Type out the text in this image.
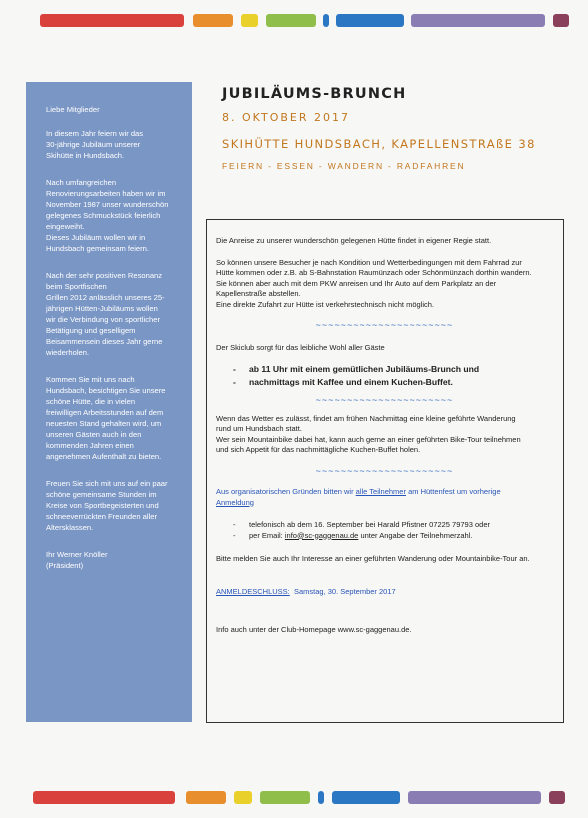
Liebe Mitglieder

In diesem Jahr feiern wir das
30-jährige Jubiläum unserer
Skihütte in Hundsbach.

Nach umfangreichen
Renovierungsarbeiten haben wir im
November 1987 unser wunderschön
gelegenes Schmuckstück feierlich
eingeweiht.
Dieses Jubiläum wollen wir in
Hundsbach gemeinsam feiern.

Nach der sehr positiven Resonanz
beim Sportfischen
Grillen 2012 anlässlich unseres 25-
jährigen Hütten-Jubiläums wollen
wir die Verbindung von sportlicher
Betätigung und geselligem
Beisammensein dieses Jahr gerne
wiederholen.

Kommen Sie mit uns nach
Hundsbach, besichtigen Sie unsere
schöne Hütte, die in vielen
freiwilligen Arbeitsstunden auf dem
neuesten Stand gehalten wird, um
unseren Gästen auch in den
kommenden Jahren einen
angenehmen Aufenthalt zu bieten.

Freuen Sie sich mit uns auf ein paar
schöne gemeinsame Stunden im
Kreise von Sportbegeisterten und
schneeverrückten Freunden aller
Altersklassen.

Ihr Werner Knöller
(Präsident)

JUBILÄUMS-BRUNCH
8. OKTOBER 2017
SKIHÜTTE HUNDSBACH, KAPELLENSTRAßE 38
FEIERN - ESSEN - WANDERN - RADFAHREN

Die Anreise zu unserer wunderschön gelegenen Hütte findet in eigener Regie statt.

So können unsere Besucher je nach Kondition und Wetterbedingungen mit dem Fahrrad zur
Hütte kommen oder z.B. ab S-Bahnstation Raumünzach oder Schönmünzach dorthin wandern.
Sie können aber auch mit dem PKW anreisen und Ihr Auto auf dem Parkplatz an der
Kapellenstraße abstellen.
Eine direkte Zufahrt zur Hütte ist verkehrstechnisch nicht möglich.

~~~~~~~~~~~~~~~~~~~~~~

Der Skiclub sorgt für das leibliche Wohl aller Gäste

- ab 11 Uhr mit einem gemütlichen Jubiläums-Brunch und
- nachmittags mit Kaffee und einem Kuchen-Buffet.
~~~~~~~~~~~~~~~~~~~~~~

Wenn das Wetter es zulässt, findet am frühen Nachmittag eine kleine geführte Wanderung
rund um Hundsbach statt.
Wer sein Mountainbike dabei hat, kann auch gerne an einer geführten Bike-Tour teilnehmen
und sich Appetit für das nachmittägliche Kuchen-Buffet holen.

~~~~~~~~~~~~~~~~~~~~~~

Aus organisatorischen Gründen bitten wir alle Teilnehmer am Hüttenfest um vorherige
Anmeldung

- telefonisch ab dem 16. September bei Harald Pfistner 07225 79793 oder
- per Email: info@sc-gaggenau.de unter Angabe der Teilnehmerzahl.

Bitte melden Sie auch Ihr Interesse an einer geführten Wanderung oder Mountainbike-Tour an.

ANMELDESCHLUSS: Samstag, 30. September 2017

Info auch unter der Club-Homepage www.sc-gaggenau.de.
